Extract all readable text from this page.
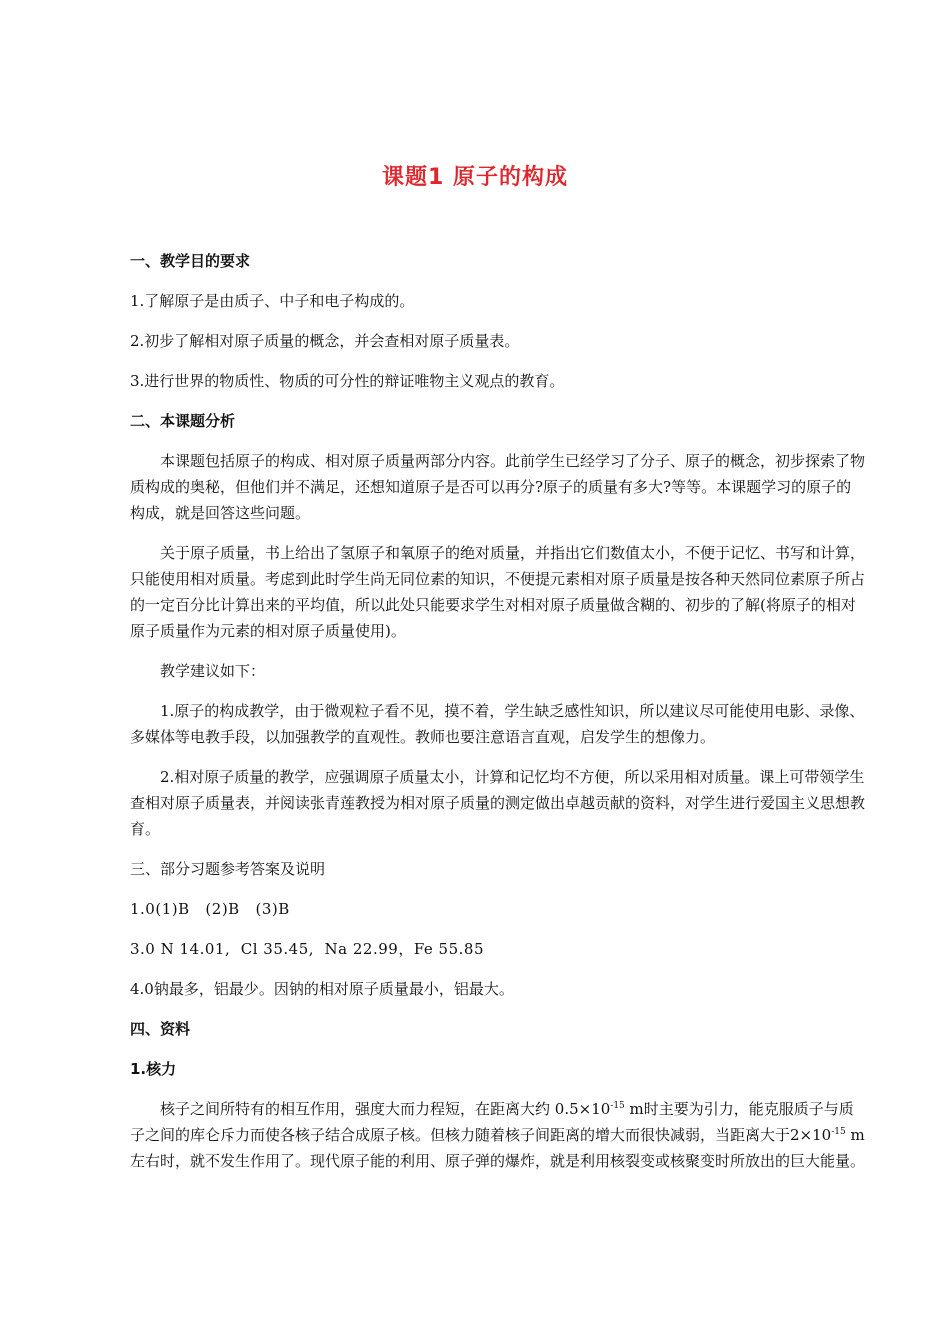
课题1 原子的构成
一、教学目的要求
1.了解原子是由质子、中子和电子构成的。
2.初步了解相对原子质量的概念，并会查相对原子质量表。
3.进行世界的物质性、物质的可分性的辩证唯物主义观点的教育。
二、本课题分析
本课题包括原子的构成、相对原子质量两部分内容。此前学生已经学习了分子、原子的概念，初步探索了物质构成的奥秘，但他们并不满足，还想知道原子是否可以再分?原子的质量有多大?等等。本课题学习的原子的构成，就是回答这些问题。
关于原子质量，书上给出了氢原子和氧原子的绝对质量，并指出它们数值太小，不便于记忆、书写和计算，只能使用相对质量。考虑到此时学生尚无同位素的知识，不便提元素相对原子质量是按各种天然同位素原子所占的一定百分比计算出来的平均值，所以此处只能要求学生对相对原子质量做含糊的、初步的了解(将原子的相对原子质量作为元素的相对原子质量使用)。
教学建议如下：
1.原子的构成教学，由于微观粒子看不见，摸不着，学生缺乏感性知识，所以建议尽可能使用电影、录像、多媒体等电教手段，以加强教学的直观性。教师也要注意语言直观，启发学生的想像力。
2.相对原子质量的教学，应强调原子质量太小，计算和记忆均不方便，所以采用相对质量。课上可带领学生查相对原子质量表，并阅读张青莲教授为相对原子质量的测定做出卓越贡献的资料，对学生进行爱国主义思想教育。
三、部分习题参考答案及说明
1.0(1)B   (2)B   (3)B
3.0 N 14.01,  Cl 35.45,  Na 22.99，Fe 55.85
4.0钠最多，铝最少。因钠的相对原子质量最小，铝最大。
四、资料
1.核力
核子之间所特有的相互作用，强度大而力程短，在距离大约 $0.5\times 10^{-15}$ m时主要为引力，能克服质子与质子之间的库仑斥力而使各核子结合成原子核。但核力随着核子间距离的增大而很快减弱，当距离大于$2\times 10^{-15}$ m左右时，就不发生作用了。现代原子能的利用、原子弹的爆炸，就是利用核裂变或核聚变时所放出的巨大能量。
